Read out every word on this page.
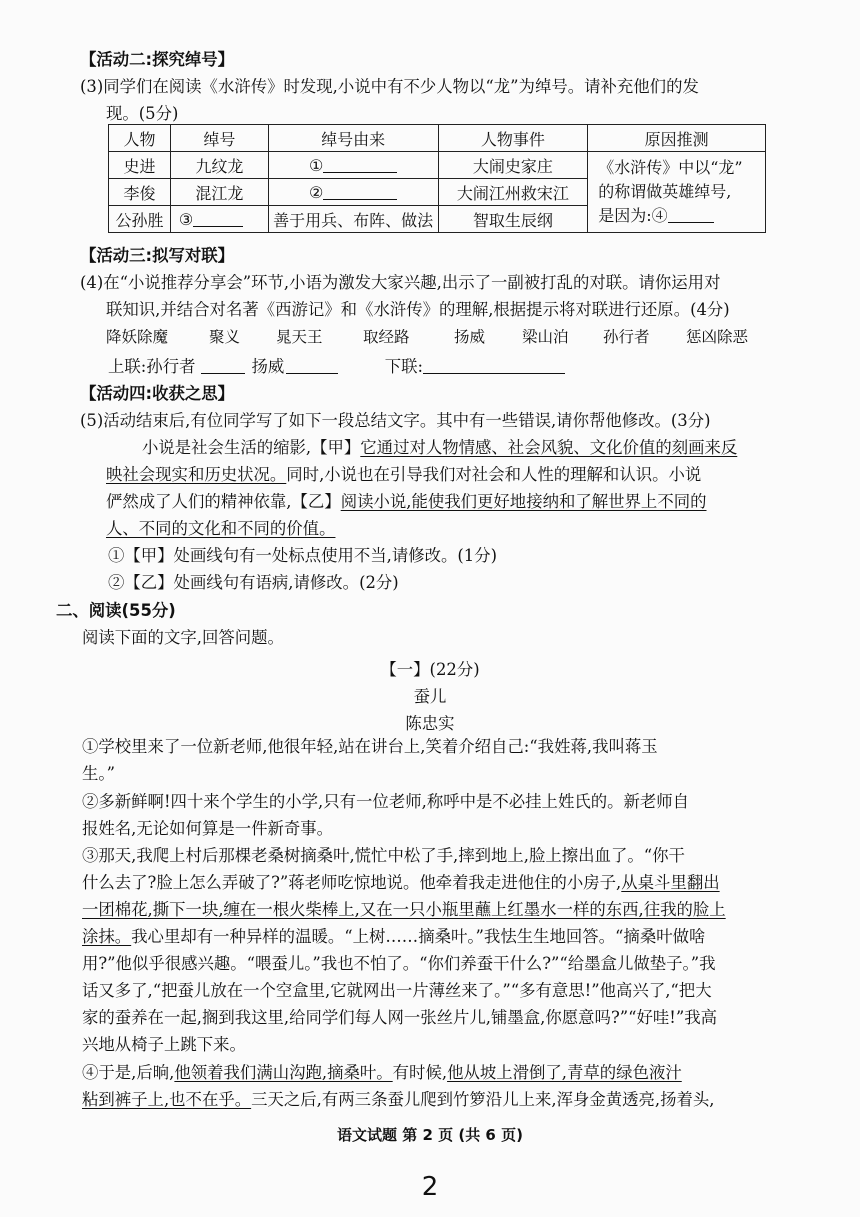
【活动二:探究绰号】
(3)同学们在阅读《水浒传》时发现,小说中有不少人物以“龙”为绰号。请补充他们的发
现。(5分)
人物	绰号	绰号由来	人物事件	原因推测
史进	九纹龙	①	大闹史家庄	《水浒传》中以“龙”
的称谓做英雄绰号,
是因为:④

李俊	混江龙	②	大闹江州救宋江	
公孙胜	③	善于用兵、布阵、做法	智取生辰纲	
【活动三:拟写对联】
(4)在“小说推荐分享会”环节,小语为激发大家兴趣,出示了一副被打乱的对联。请你运用对
联知识,并结合对名著《西游记》和《水浒传》的理解,根据提示将对联进行还原。(4分)
降妖除魔	聚义 晁天王	取经路	扬威 梁山泊 孙行者 惩凶除恶
上联:孙行者	扬威	下联:
【活动四:收获之思】
(5)活动结束后,有位同学写了如下一段总结文字。其中有一些错误,请你帮他修改。(3分)
小说是社会生活的缩影,【甲】它通过对人物情感、社会风貌、文化价值的刻画来反
映社会现实和历史状况。同时,小说也在引导我们对社会和人性的理解和认识。小说
俨然成了人们的精神依靠,【乙】阅读小说,能使我们更好地接纳和了解世界上不同的
人、不同的文化和不同的价值。
①【甲】处画线句有一处标点使用不当,请修改。(1分)
②【乙】处画线句有语病,请修改。(2分)
二、阅读(55分)
阅读下面的文字,回答问题。
【一】(22分)
蚕儿
陈忠实
①学校里来了一位新老师,他很年轻,站在讲台上,笑着介绍自己:“我姓蒋,我叫蒋玉
生。”
②多新鲜啊!四十来个学生的小学,只有一位老师,称呼中是不必挂上姓氏的。新老师自
报姓名,无论如何算是一件新奇事。
③那天,我爬上村后那棵老桑树摘桑叶,慌忙中松了手,摔到地上,脸上擦出血了。“你干
什么去了?脸上怎么弄破了?”蒋老师吃惊地说。他牵着我走进他住的小房子,从桌斗里翻出
一团棉花,撕下一块,缠在一根火柴棒上,又在一只小瓶里蘸上红墨水一样的东西,往我的脸上
涂抹。我心里却有一种异样的温暖。“上树……摘桑叶。”我怯生生地回答。“摘桑叶做啥
用?”他似乎很感兴趣。“喂蚕儿。”我也不怕了。“你们养蚕干什么?”“给墨盒儿做垫子。”我
话又多了,“把蚕儿放在一个空盒里,它就网出一片薄丝来了。”“多有意思!”他高兴了,“把大
家的蚕养在一起,搁到我这里,给同学们每人网一张丝片儿,铺墨盒,你愿意吗?”“好哇!”我高
兴地从椅子上跳下来。
④于是,后晌,他领着我们满山沟跑,摘桑叶。有时候,他从坡上滑倒了,青草的绿色液汁
粘到裤子上,也不在乎。三天之后,有两三条蚕儿爬到竹箩沿儿上来,浑身金黄透亮,扬着头,
语文试题 第 2 页 (共 6 页)
2
